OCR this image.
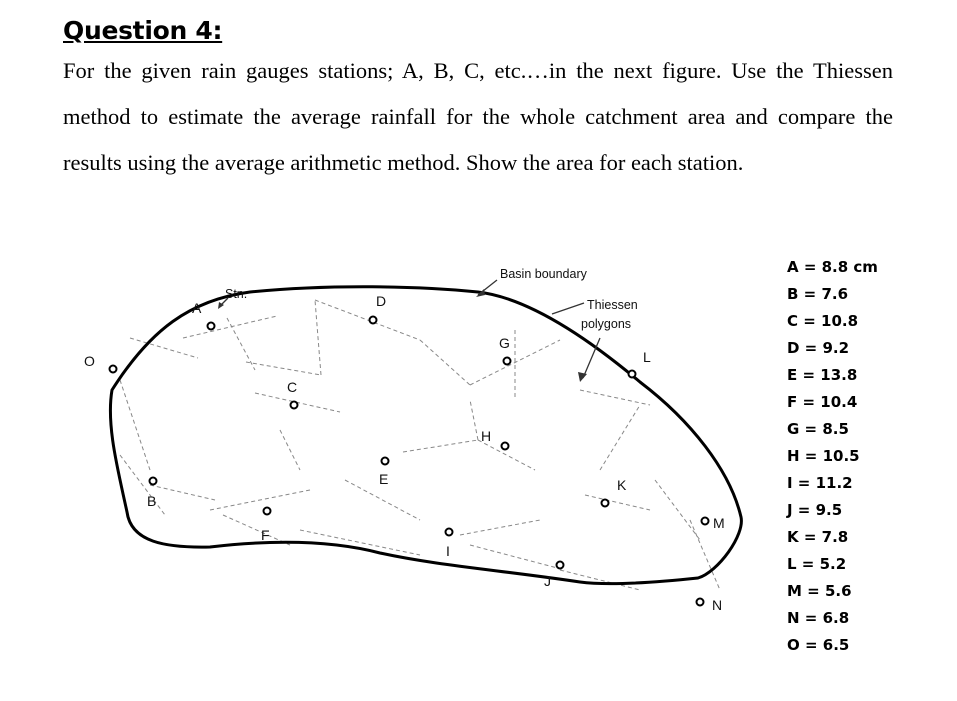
Question 4:

For the given rain gauges stations; A, B, C, etc.…in the next figure. Use the Thiessen method to estimate the average rainfall for the whole catchment area and compare the results using the average arithmetic method. Show the area for each station.

Basin boundary
Thiessen
polygons
Stn.
A
B
C
D
E
F
G
H
I
J
K
L
M
N
O
A = 8.8 cm
B = 7.6
C = 10.8
D = 9.2
E = 13.8
F = 10.4
G = 8.5
H = 10.5
I = 11.2
J = 9.5
K = 7.8
L = 5.2
M = 5.6
N = 6.8
O = 6.5
